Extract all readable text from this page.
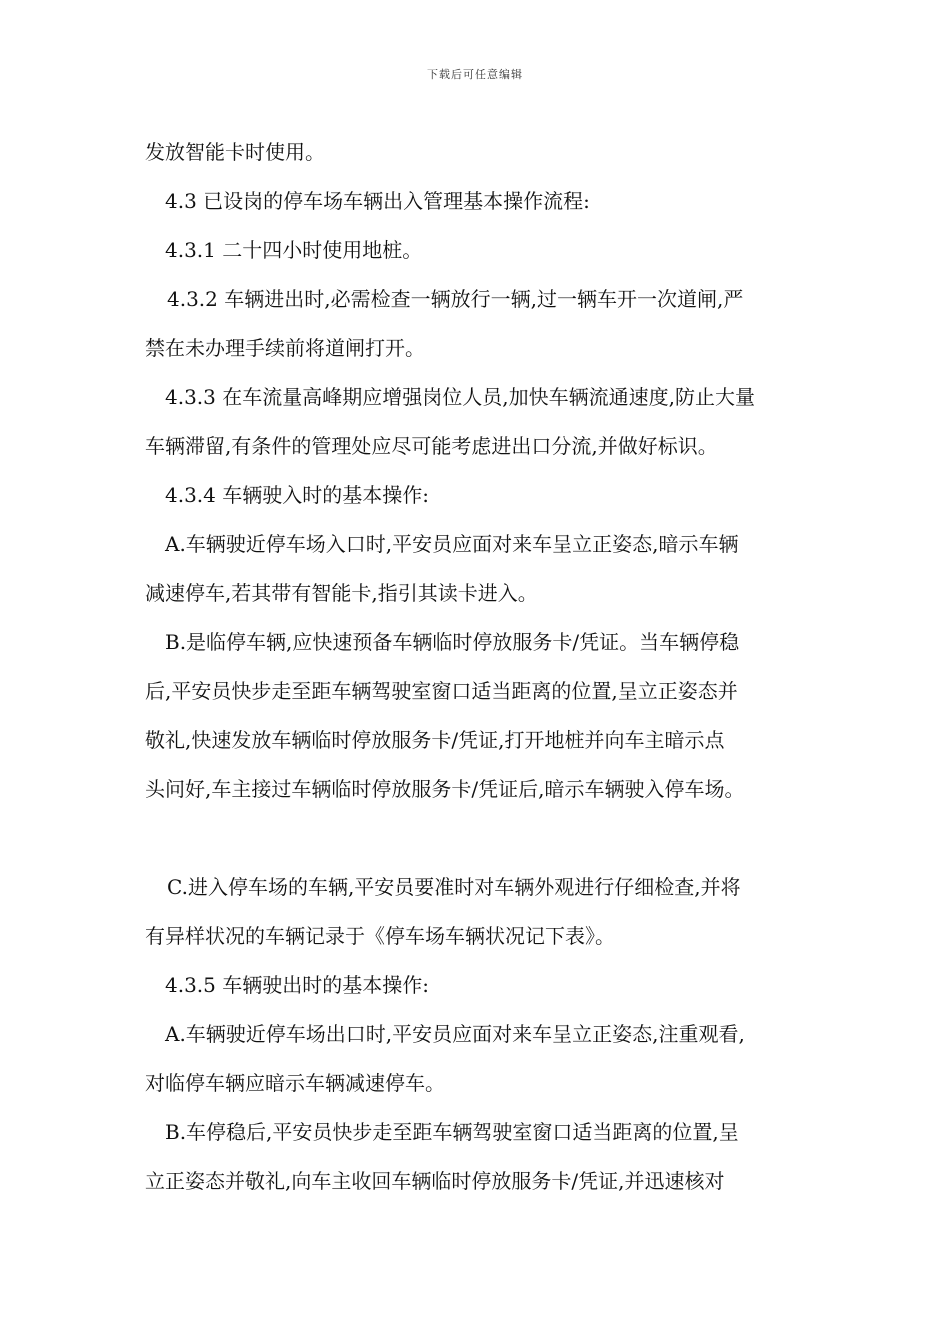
下载后可任意编辑
发放智能卡时使用。
4.3 已设岗的停车场车辆出入管理基本操作流程:
4.3.1 二十四小时使用地桩。
4.3.2 车辆进出时,必需检查一辆放行一辆,过一辆车开一次道闸,严
禁在未办理手续前将道闸打开。
4.3.3 在车流量高峰期应增强岗位人员,加快车辆流通速度,防止大量
车辆滞留,有条件的管理处应尽可能考虑进出口分流,并做好标识。
4.3.4 车辆驶入时的基本操作:
A.车辆驶近停车场入口时,平安员应面对来车呈立正姿态,暗示车辆
减速停车,若其带有智能卡,指引其读卡进入。
B.是临停车辆,应快速预备车辆临时停放服务卡/凭证。当车辆停稳
后,平安员快步走至距车辆驾驶室窗口适当距离的位置,呈立正姿态并
敬礼,快速发放车辆临时停放服务卡/凭证,打开地桩并向车主暗示点
头问好,车主接过车辆临时停放服务卡/凭证后,暗示车辆驶入停车场。
C.进入停车场的车辆,平安员要准时对车辆外观进行仔细检查,并将
有异样状况的车辆记录于《停车场车辆状况记下表》。
4.3.5 车辆驶出时的基本操作:
A.车辆驶近停车场出口时,平安员应面对来车呈立正姿态,注重观看,
对临停车辆应暗示车辆减速停车。
B.车停稳后,平安员快步走至距车辆驾驶室窗口适当距离的位置,呈
立正姿态并敬礼,向车主收回车辆临时停放服务卡/凭证,并迅速核对
